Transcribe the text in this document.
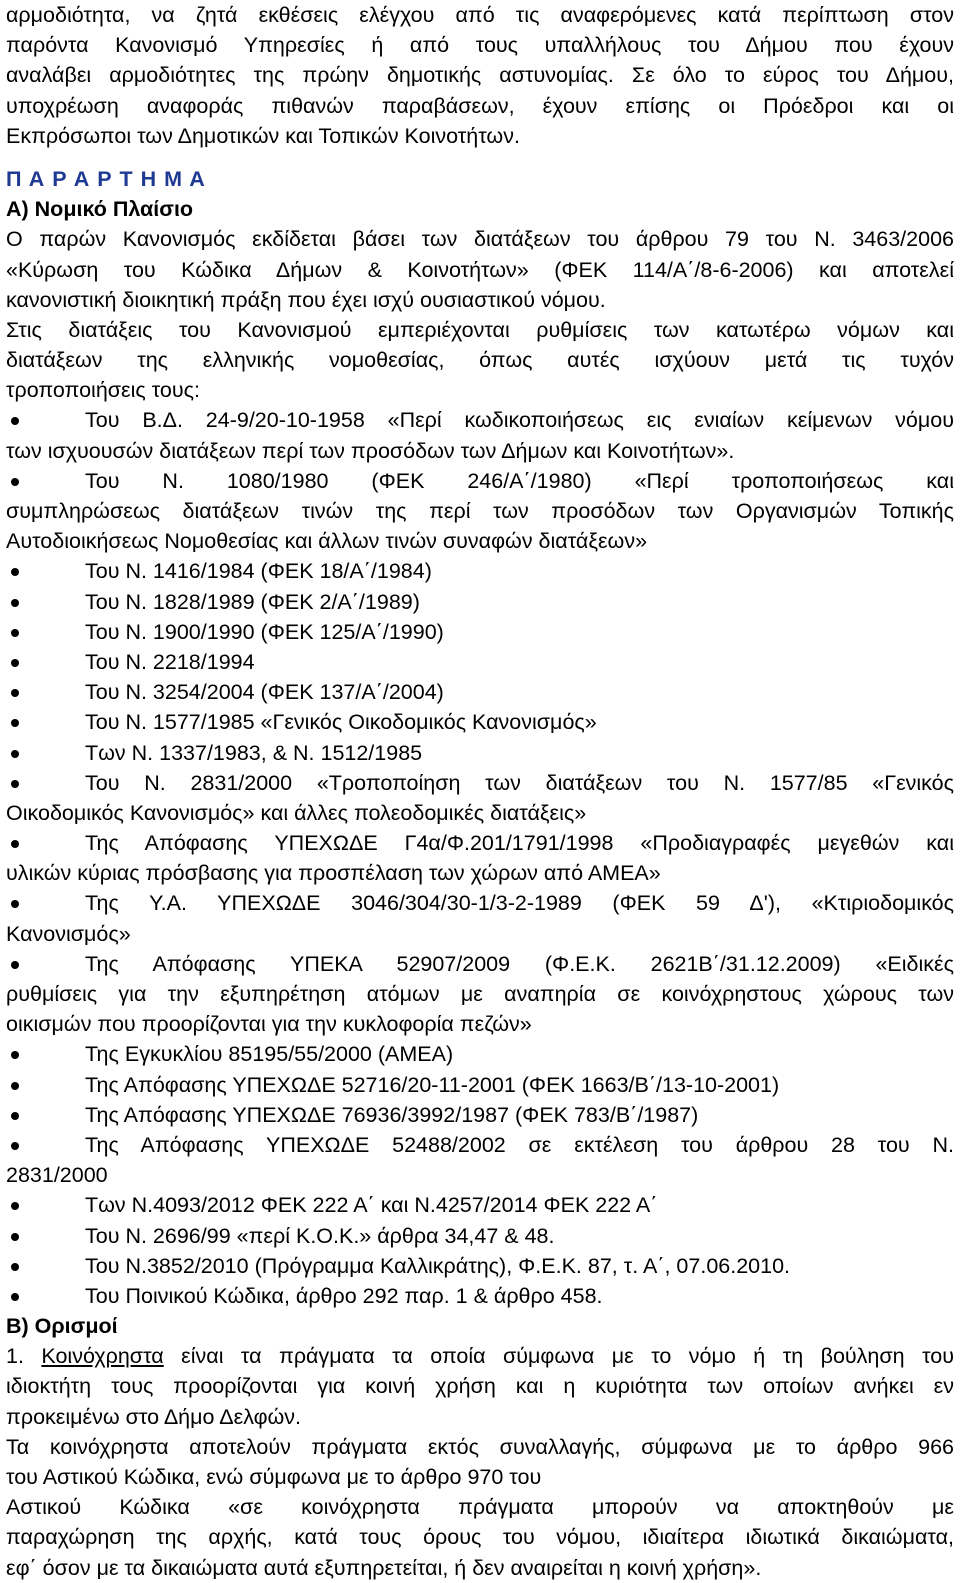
αρμοδιότητα, να ζητά εκθέσεις ελέγχου από τις αναφερόμενες κατά περίπτωση στον
παρόντα Κανονισμό Υπηρεσίες ή από τους υπαλλήλους του Δήμου που έχουν
αναλάβει αρμοδιότητες της πρώην δημοτικής αστυνομίας. Σε όλο το εύρος του Δήμου,
υποχρέωση αναφοράς πιθανών παραβάσεων, έχουν επίσης οι Πρόεδροι και οι
Εκπρόσωποι των Δημοτικών και Τοπικών Κοινοτήτων.
Π Α Ρ Α Ρ Τ Η Μ Α
Α) Νομικό Πλαίσιο
Ο παρών Κανονισμός εκδίδεται βάσει των διατάξεων του άρθρου 79 του Ν. 3463/2006
«Κύρωση του Κώδικα Δήμων & Κοινοτήτων» (ΦΕΚ 114/Α΄/8-6-2006) και αποτελεί
κανονιστική διοικητική πράξη που έχει ισχύ ουσιαστικού νόμου.
Στις διατάξεις του Κανονισμού εμπεριέχονται ρυθμίσεις των κατωτέρω νόμων και
διατάξεων της ελληνικής νομοθεσίας, όπως αυτές ισχύουν μετά τις τυχόν
τροποποιήσεις τους:
Του Β.Δ. 24-9/20-10-1958 «Περί κωδικοποιήσεως εις ενιαίων κείμενων νόμου
των ισχυουσών διατάξεων περί των προσόδων των Δήμων και Κοινοτήτων».
Του Ν. 1080/1980 (ΦΕΚ 246/Α΄/1980) «Περί τροποποιήσεως και
συμπληρώσεως διατάξεων τινών της περί των προσόδων των Οργανισμών Τοπικής
Αυτοδιοικήσεως Νομοθεσίας και άλλων τινών συναφών διατάξεων»
Του Ν. 1416/1984 (ΦΕΚ 18/Α΄/1984)
Του Ν. 1828/1989 (ΦΕΚ 2/Α΄/1989)
Του Ν. 1900/1990 (ΦΕΚ 125/Α΄/1990)
Του Ν. 2218/1994
Του Ν. 3254/2004 (ΦΕΚ 137/Α΄/2004)
Του Ν. 1577/1985 «Γενικός Οικοδομικός Κανονισμός»
Των Ν. 1337/1983, & Ν. 1512/1985
Του Ν. 2831/2000 «Τροποποίηση των διατάξεων του Ν. 1577/85 «Γενικός
Οικοδομικός Κανονισμός» και άλλες πολεοδομικές διατάξεις»
Της Απόφασης ΥΠΕΧΩΔΕ Γ4α/Φ.201/1791/1998 «Προδιαγραφές μεγεθών και
υλικών κύριας πρόσβασης για προσπέλαση των χώρων από ΑΜΕΑ»
Της Υ.Α. ΥΠΕΧΩΔΕ 3046/304/30-1/3-2-1989 (ΦΕΚ 59 Δ'), «Κτιριοδομικός
Κανονισμός»
Της Απόφασης ΥΠΕΚΑ 52907/2009 (Φ.Ε.Κ. 2621Β΄/31.12.2009) «Ειδικές
ρυθμίσεις για την εξυπηρέτηση ατόμων με αναπηρία σε κοινόχρηστους χώρους των
οικισμών που προορίζονται για την κυκλοφορία πεζών»
Της Εγκυκλίου 85195/55/2000 (ΑΜΕΑ)
Της Απόφασης ΥΠΕΧΩΔΕ 52716/20-11-2001 (ΦΕΚ 1663/Β΄/13-10-2001)
Της Απόφασης ΥΠΕΧΩΔΕ 76936/3992/1987 (ΦΕΚ 783/Β΄/1987)
Της Απόφασης ΥΠΕΧΩΔΕ 52488/2002 σε εκτέλεση του άρθρου 28 του Ν.
2831/2000
Των Ν.4093/2012 ΦΕΚ 222 Α΄ και Ν.4257/2014 ΦΕΚ 222 Α΄
Του Ν. 2696/99 «περί Κ.Ο.Κ.» άρθρα 34,47 & 48.
Του Ν.3852/2010 (Πρόγραμμα Καλλικράτης), Φ.Ε.Κ. 87, τ. Α΄, 07.06.2010.
Του Ποινικού Κώδικα, άρθρο 292 παρ. 1 & άρθρο 458.
Β) Ορισμοί
1. Κοινόχρηστα είναι τα πράγματα τα οποία σύμφωνα με το νόμο ή τη βούληση του
ιδιοκτήτη τους προορίζονται για κοινή χρήση και η κυριότητα των οποίων ανήκει εν
προκειμένω στο Δήμο Δελφών.
Τα κοινόχρηστα αποτελούν πράγματα εκτός συναλλαγής, σύμφωνα με το άρθρο 966
του Αστικού Κώδικα, ενώ σύμφωνα με το άρθρο 970 του
Αστικού Κώδικα «σε κοινόχρηστα πράγματα μπορούν να αποκτηθούν με
παραχώρηση της αρχής, κατά τους όρους του νόμου, ιδιαίτερα ιδιωτικά δικαιώματα,
εφ΄ όσον με τα δικαιώματα αυτά εξυπηρετείται, ή δεν αναιρείται η κοινή χρήση».
